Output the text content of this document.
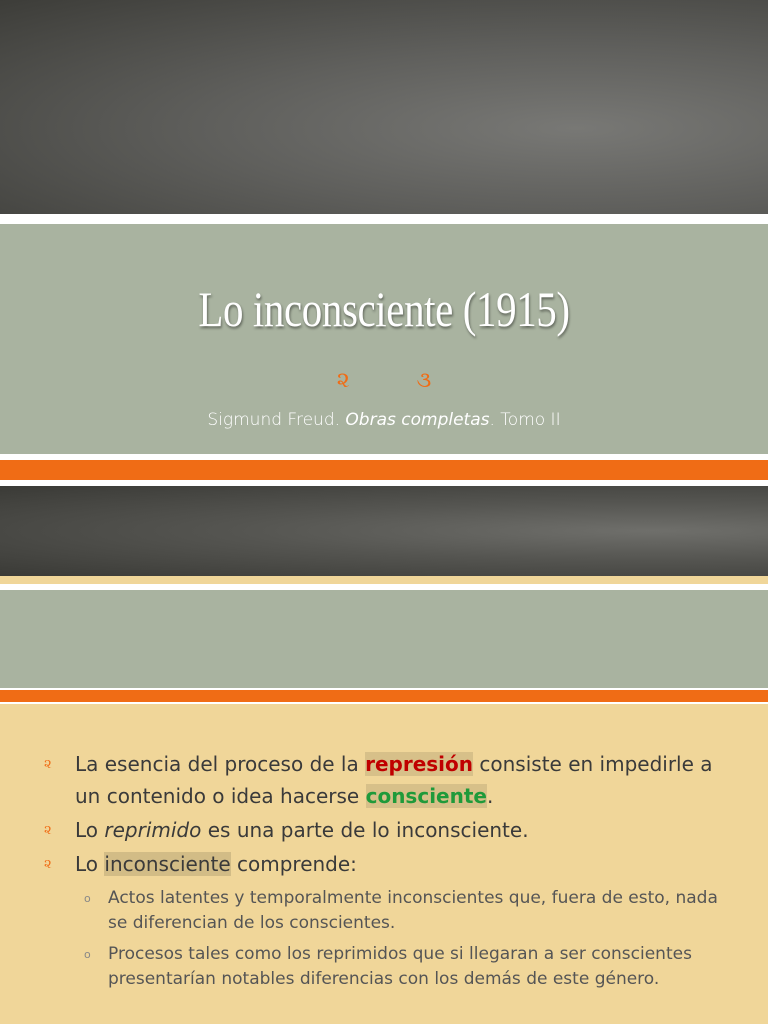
Lo inconsciente (1915)
૨	૩
Sigmund Freud. Obras completas. Tomo II
૨ La esencia del proceso de la represión consiste en impedirle a un contenido o idea hacerse consciente.
૨ Lo reprimido es una parte de lo inconsciente.
૨ Lo inconsciente comprende:
o Actos latentes y temporalmente inconscientes que, fuera de esto, nada se diferencian de los conscientes.
o Procesos tales como los reprimidos que si llegaran a ser conscientes presentarían notables diferencias con los demás de este género.
